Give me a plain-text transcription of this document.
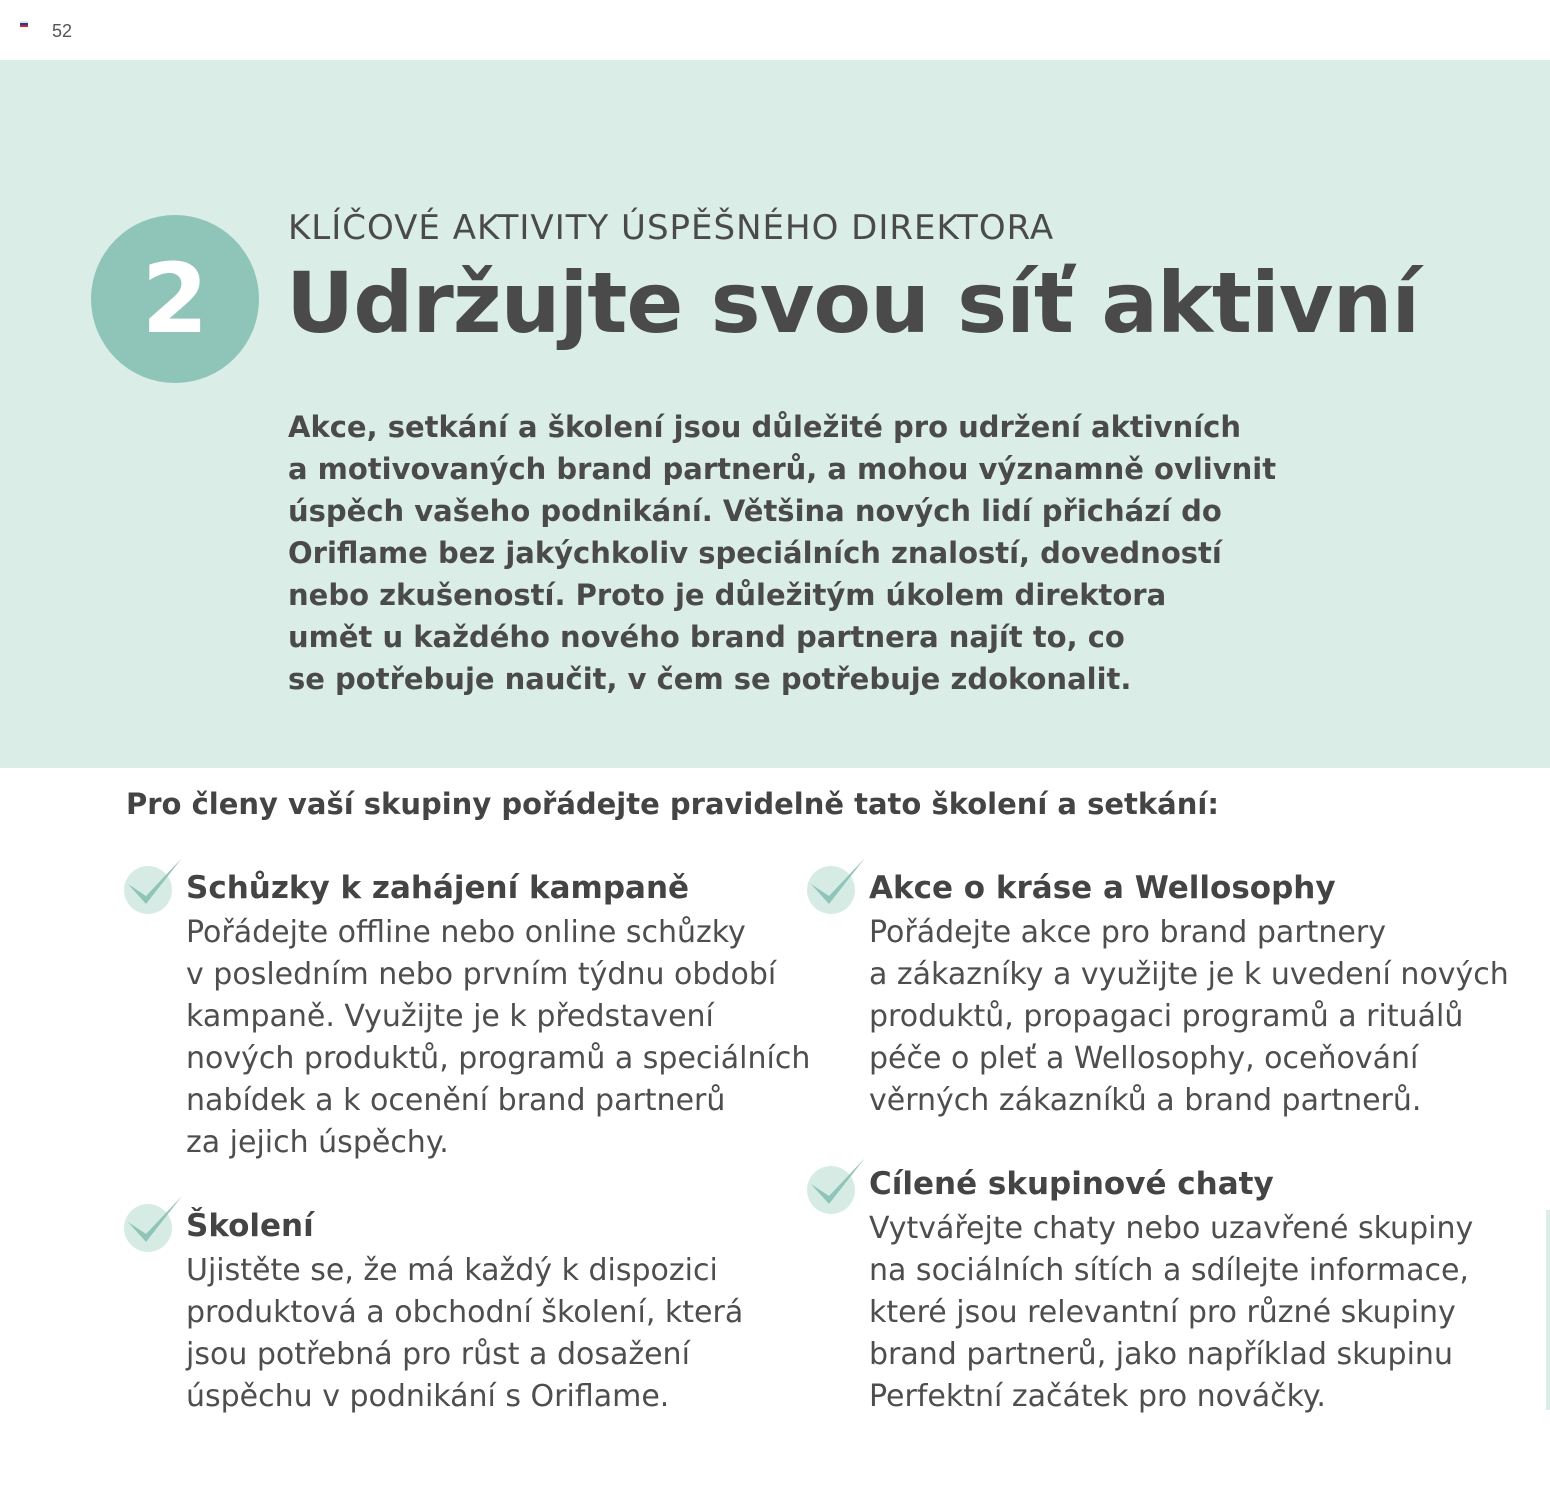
52
2
KLÍČOVÉ AKTIVITY ÚSPĚŠNÉHO DIREKTORA
Udržujte svou síť aktivní

Akce, setkání a školení jsou důležité pro udržení aktivních

a motivovaných brand partnerů, a mohou významně ovlivnit

úspěch vašeho podnikání. Většina nových lidí přichází do

Oriflame bez jakýchkoliv speciálních znalostí, dovedností

nebo zkušeností. Proto je důležitým úkolem direktora

umět u každého nového brand partnera najít to, co

se potřebuje naučit, v čem se potřebuje zdokonalit.

Pro členy vaší skupiny pořádejte pravidelně tato školení a setkání:
Schůzky k zahájení kampaně

Pořádejte offline nebo online schůzky

v posledním nebo prvním týdnu období

kampaně. Využijte je k představení

nových produktů, programů a speciálních

nabídek a k ocenění brand partnerů

za jejich úspěchy.

Školení

Ujistěte se, že má každý k dispozici

produktová a obchodní školení, která

jsou potřebná pro růst a dosažení

úspěchu v podnikání s Oriflame.

Akce o kráse a Wellosophy

Pořádejte akce pro brand partnery

a zákazníky a využijte je k uvedení nových

produktů, propagaci programů a rituálů

péče o pleť a Wellosophy, oceňování

věrných zákazníků a brand partnerů.

Cílené skupinové chaty

Vytvářejte chaty nebo uzavřené skupiny

na sociálních sítích a sdílejte informace,

které jsou relevantní pro různé skupiny

brand partnerů, jako například skupinu

Perfektní začátek pro nováčky.
